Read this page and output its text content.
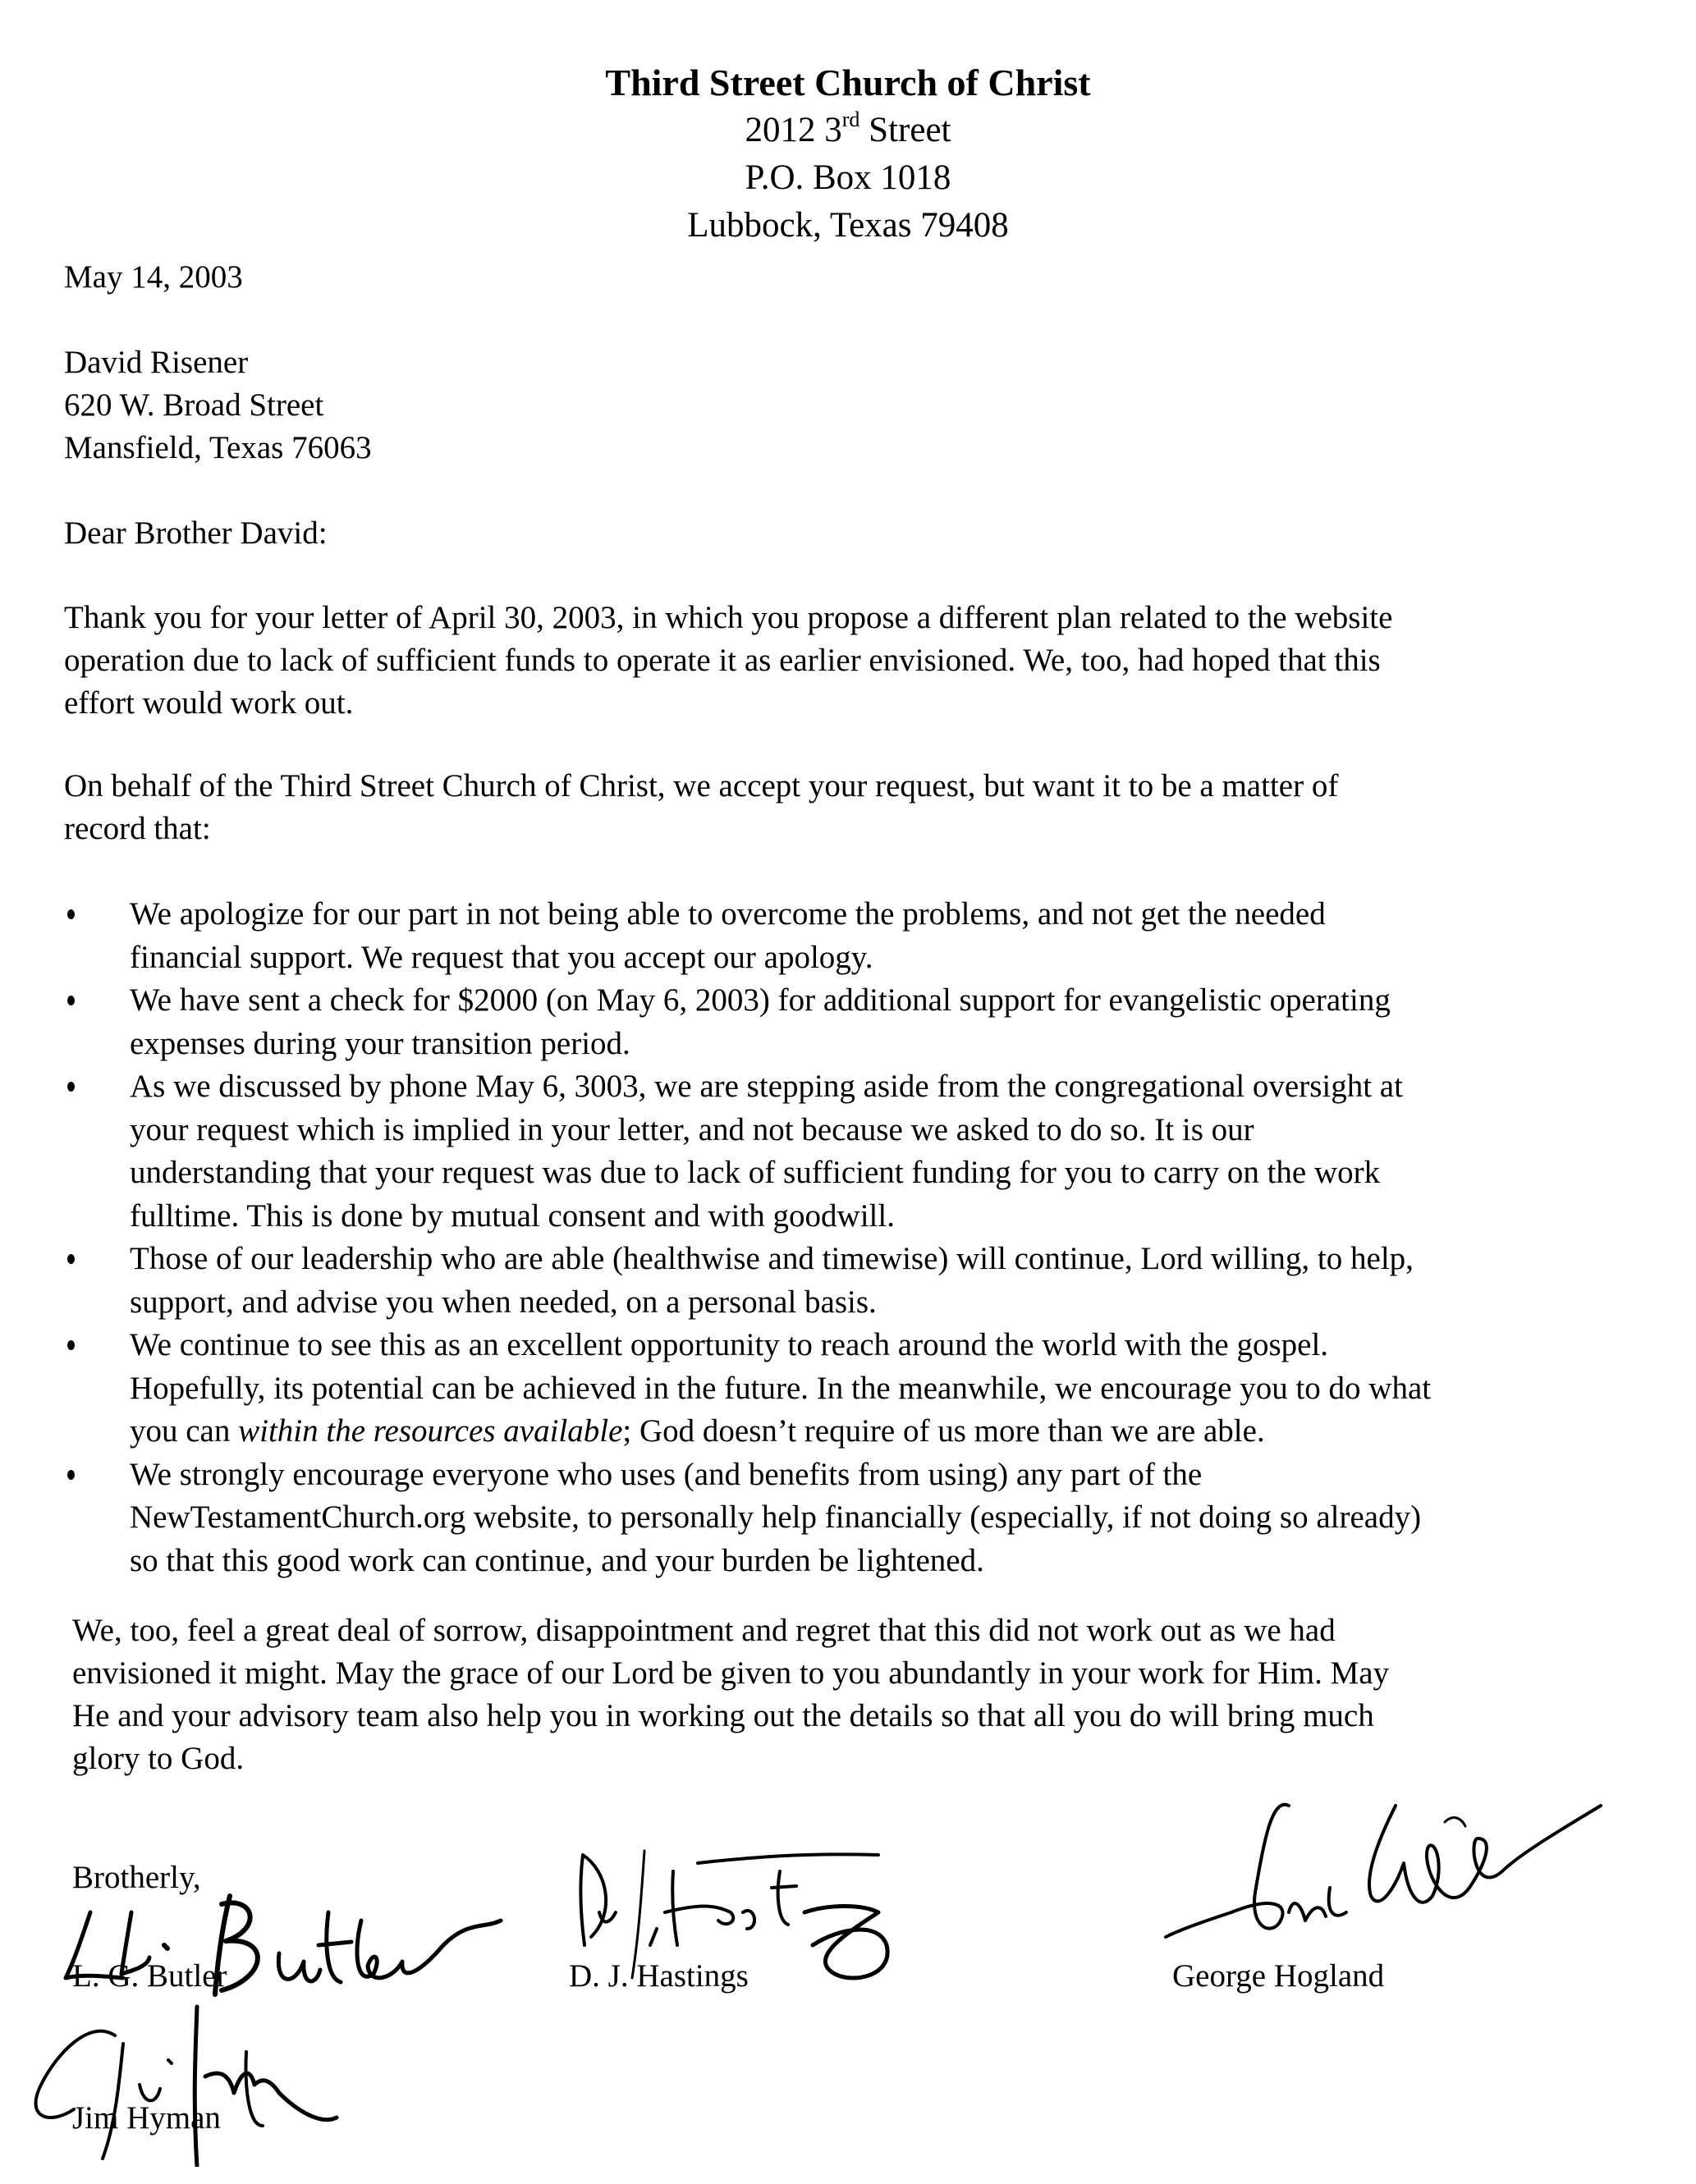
Third Street Church of Christ
2012 3rd Street
P.O. Box 1018
Lubbock, Texas 79408
May 14, 2003
David Risener
620 W. Broad Street
Mansfield, Texas 76063
Dear Brother David:

Thank you for your letter of April 30, 2003, in which you propose a different plan related to the website

operation due to lack of sufficient funds to operate it as earlier envisioned. We, too, had hoped that this

effort would work out.

On behalf of the Third Street Church of Christ, we accept your request, but want it to be a matter of

record that:

We apologize for our part in not being able to overcome the problems, and not get the needed

financial support. We request that you accept our apology.

We have sent a check for $2000 (on May 6, 2003) for additional support for evangelistic operating

expenses during your transition period.

As we discussed by phone May 6, 3003, we are stepping aside from the congregational oversight at

your request which is implied in your letter, and not because we asked to do so. It is our

understanding that your request was due to lack of sufficient funding for you to carry on the work

fulltime. This is done by mutual consent and with goodwill.

Those of our leadership who are able (healthwise and timewise) will continue, Lord willing, to help,

support, and advise you when needed, on a personal basis.

We continue to see this as an excellent opportunity to reach around the world with the gospel.

Hopefully, its potential can be achieved in the future. In the meanwhile, we encourage you to do what

you can within the resources available; God doesn’t require of us more than we are able.

We strongly encourage everyone who uses (and benefits from using) any part of the

NewTestamentChurch.org website, to personally help financially (especially, if not doing so already)

so that this good work can continue, and your burden be lightened.

We, too, feel a great deal of sorrow, disappointment and regret that this did not work out as we had

envisioned it might. May the grace of our Lord be given to you abundantly in your work for Him. May

He and your advisory team also help you in working out the details so that all you do will bring much

glory to God.

Brotherly,
L. G. Butler	D. J. Hastings	George Hogland
Jim Hyman
